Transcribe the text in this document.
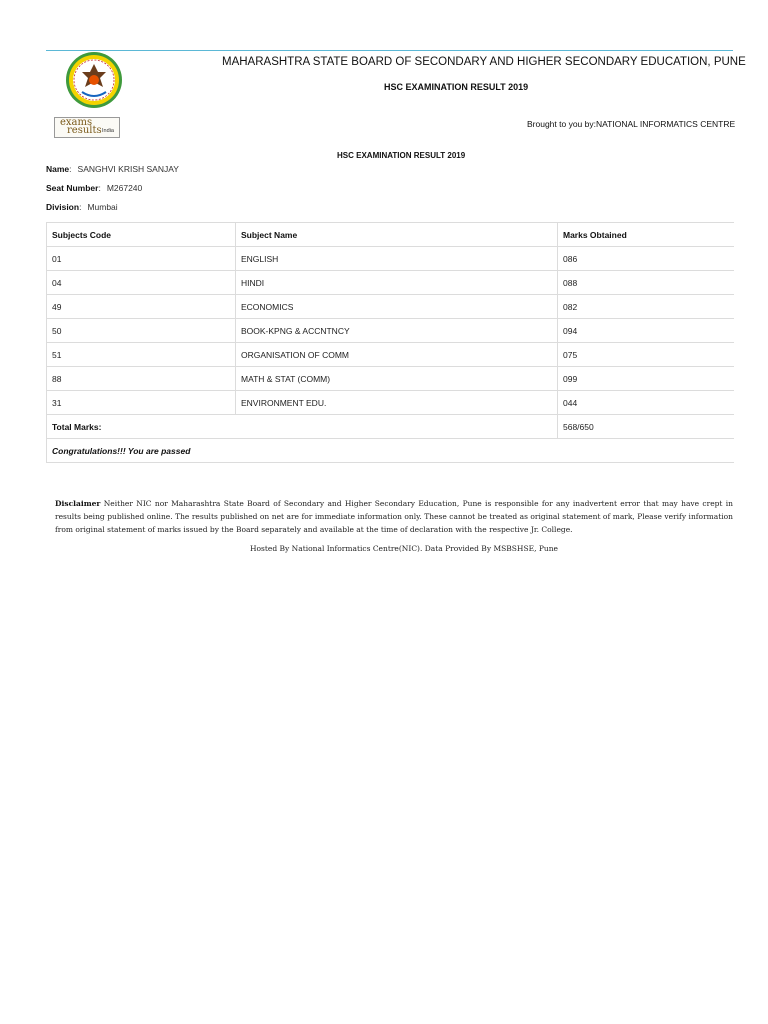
MAHARASHTRA STATE BOARD OF SECONDARY AND HIGHER SECONDARY EDUCATION, PUNE
HSC EXAMINATION RESULT 2019
exams
results India
Brought to you by:NATIONAL INFORMATICS CENTRE
HSC EXAMINATION RESULT 2019
Name: SANGHVI KRISH SANJAY
Seat Number: M267240
Division: Mumbai
Subjects Code	Subject Name	Marks Obtained
01	ENGLISH	086
04	HINDI	088
49	ECONOMICS	082
50	BOOK-KPNG & ACCNTNCY	094
51	ORGANISATION OF COMM	075
88	MATH & STAT (COMM)	099
31	ENVIRONMENT EDU.	044
Total Marks:		568/650
Congratulations!!! You are passed		
Disclaimer Neither NIC nor Maharashtra State Board of Secondary and Higher Secondary Education, Pune is responsible for any inadvertent error that may have crept in results being published online. The results published on net are for immediate information only. These cannot be treated as original statement of mark, Please verify information from original statement of marks issued by the Board separately and available at the time of declaration with the respective Jr. College.
Hosted By National Informatics Centre(NIC). Data Provided By MSBSHSE, Pune
